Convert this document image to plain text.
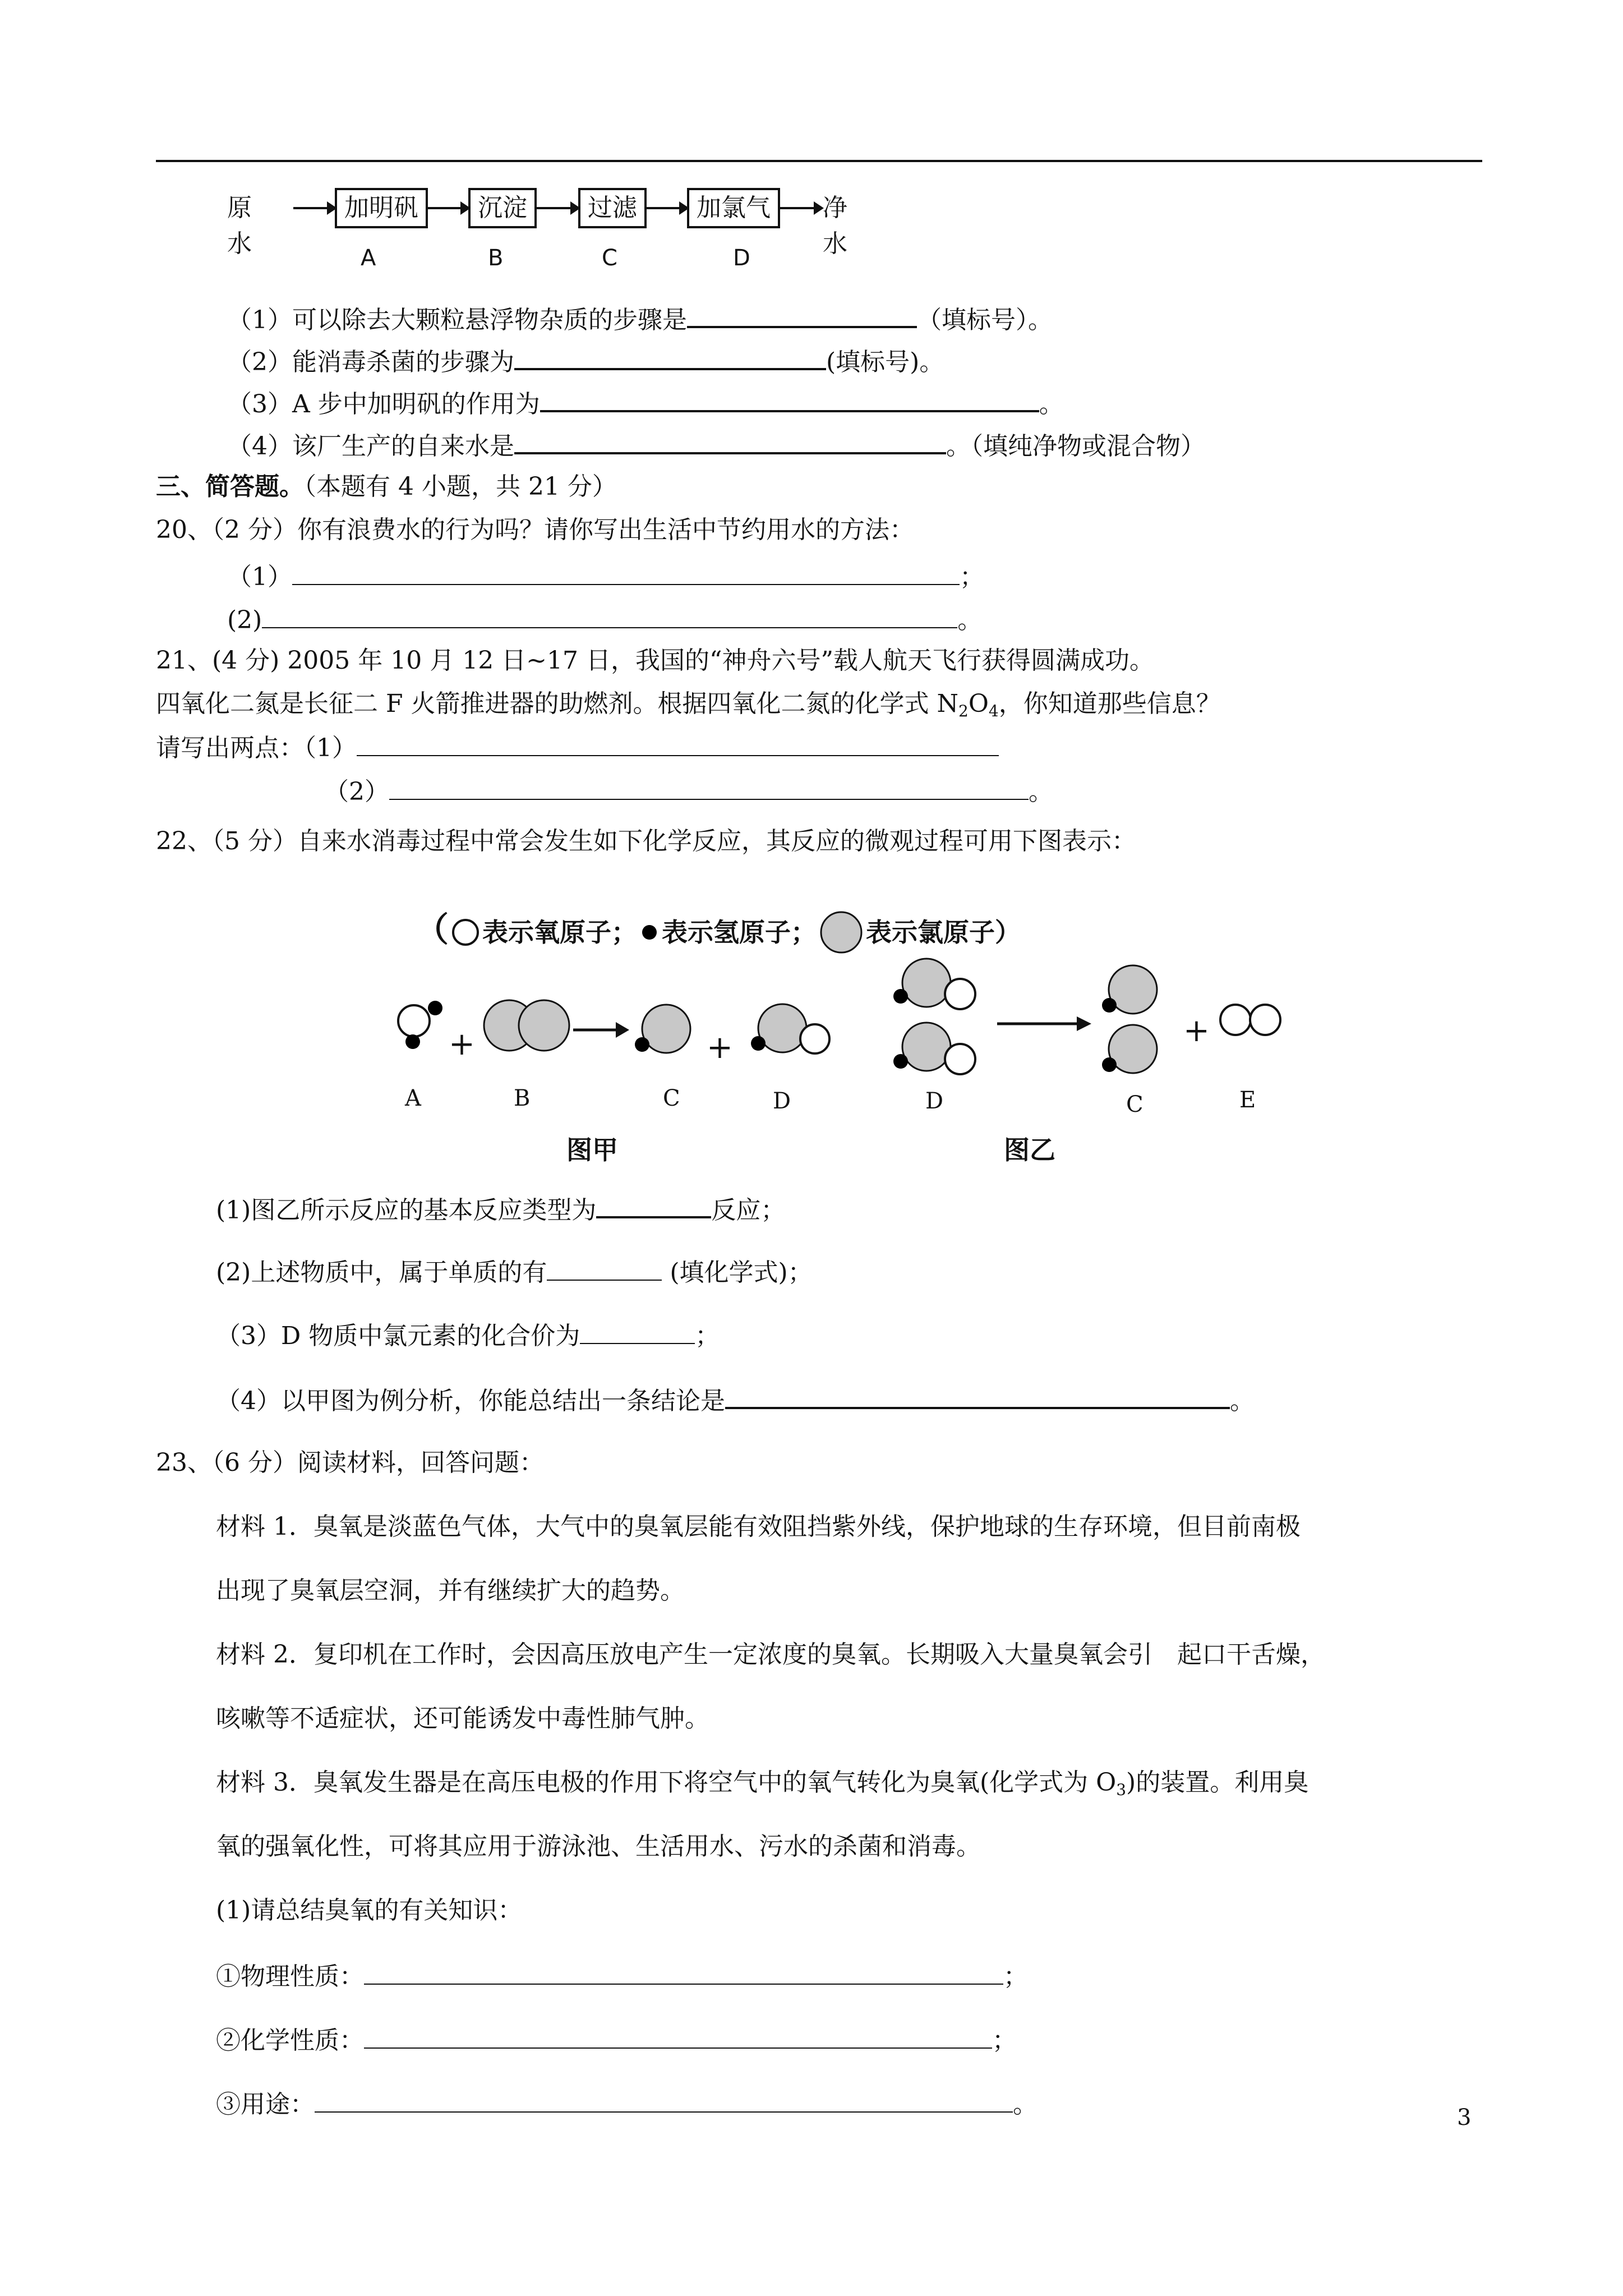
原水
加明矾	沉淀	过滤	加氯气	净水
A	B	C	D
（1）可以除去大颗粒悬浮物杂质的步骤是	（填标号）。
（2）能消毒杀菌的步骤为	(填标号)。
（3）A 步中加明矾的作用为	。
（4）该厂生产的自来水是	。（填纯净物或混合物）
三、简答题。（本题有 4 小题，共 21 分）
20、（2 分）你有浪费水的行为吗？请你写出生活中节约用水的方法：
（1）	；
(2)	。
21、(4 分) 2005 年 10 月 12 日~17 日，我国的“神舟六号”载人航天飞行获得圆满成功。
四氧化二氮是长征二 F 火箭推进器的助燃剂。根据四氧化二氮的化学式 $N_2O_4$，你知道那些信息？
请写出两点：（1）
（2）	。
22、（5 分）自来水消毒过程中常会发生如下化学反应，其反应的微观过程可用下图表示：
（ 表示氧原子； 表示氢原子； 表示氯原子）
+	+	+
A	B	C	D	D	C	E
图甲	图乙
(1)图乙所示反应的基本反应类型为	反应；
(2)上述物质中，属于单质的有	(填化学式)；
（3）D 物质中氯元素的化合价为	；
（4）以甲图为例分析，你能总结出一条结论是	。
23、（6 分）阅读材料，回答问题：
材料 1．臭氧是淡蓝色气体，大气中的臭氧层能有效阻挡紫外线，保护地球的生存环境，但目前南极
出现了臭氧层空洞，并有继续扩大的趋势。
材料 2．复印机在工作时，会因高压放电产生一定浓度的臭氧。长期吸入大量臭氧会引　起口干舌燥，
咳嗽等不适症状，还可能诱发中毒性肺气肿。
材料 3．臭氧发生器是在高压电极的作用下将空气中的氧气转化为臭氧(化学式为 $O_3$)的装置。利用臭
氧的强氧化性，可将其应用于游泳池、生活用水、污水的杀菌和消毒。
(1)请总结臭氧的有关知识：
①物理性质：	；
②化学性质：	；
③用途：	。	3
